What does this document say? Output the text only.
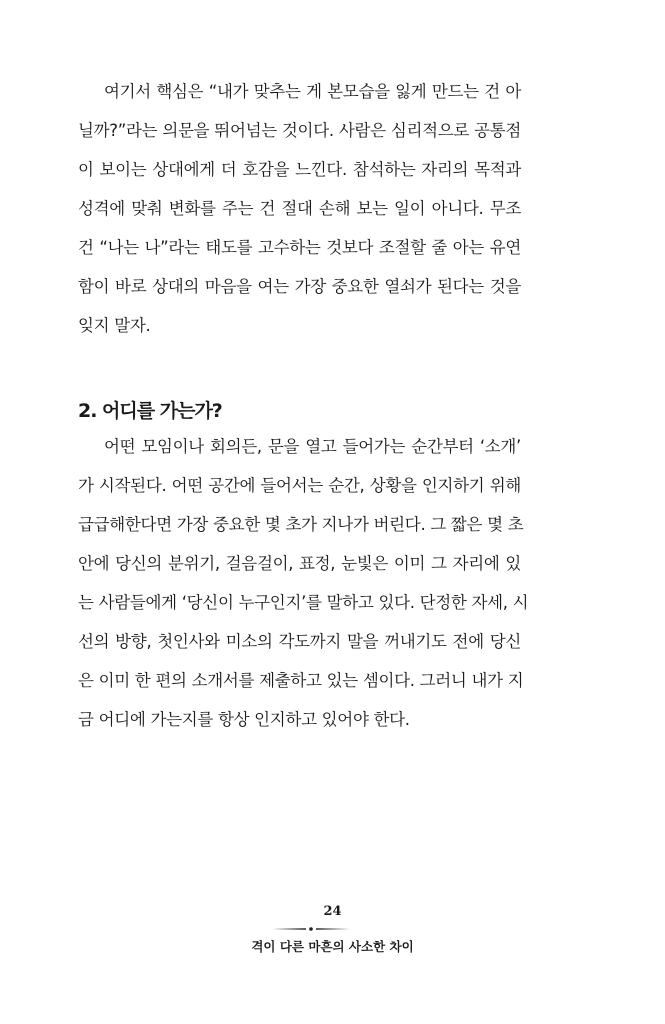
여기서 핵심은 “내가 맞추는 게 본모습을 잃게 만드는 건 아
닐까?”라는 의문을 뛰어넘는 것이다. 사람은 심리적으로 공통점
이 보이는 상대에게 더 호감을 느낀다. 참석하는 자리의 목적과
성격에 맞춰 변화를 주는 건 절대 손해 보는 일이 아니다. 무조
건 “나는 나”라는 태도를 고수하는 것보다 조절할 줄 아는 유연
함이 바로 상대의 마음을 여는 가장 중요한 열쇠가 된다는 것을
잊지 말자.
2. 어디를 가는가?
어떤 모임이나 회의든, 문을 열고 들어가는 순간부터 ‘소개’
가 시작된다. 어떤 공간에 들어서는 순간, 상황을 인지하기 위해
급급해한다면 가장 중요한 몇 초가 지나가 버린다. 그 짧은 몇 초
안에 당신의 분위기, 걸음걸이, 표정, 눈빛은 이미 그 자리에 있
는 사람들에게 ‘당신이 누구인지’를 말하고 있다. 단정한 자세, 시
선의 방향, 첫인사와 미소의 각도까지 말을 꺼내기도 전에 당신
은 이미 한 편의 소개서를 제출하고 있는 셈이다. 그러니 내가 지
금 어디에 가는지를 항상 인지하고 있어야 한다.
24
격이 다른 마흔의 사소한 차이
